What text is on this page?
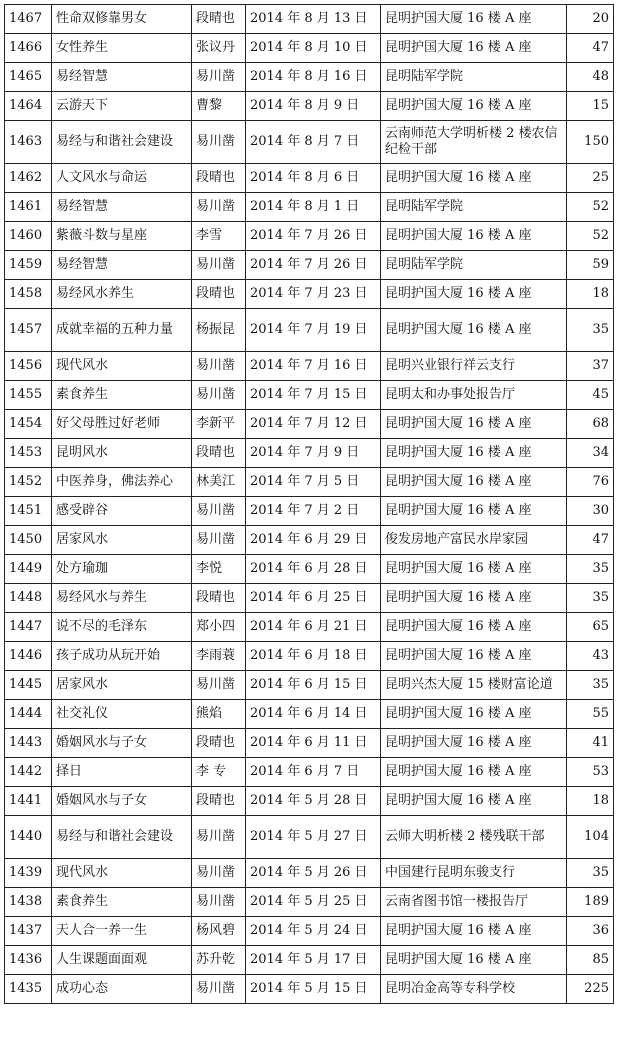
1467	性命双修靠男女	段晴也	2014 年 8 月 13 日	昆明护国大厦 16 楼 A 座	20
1466	女性养生	张议丹	2014 年 8 月 10 日	昆明护国大厦 16 楼 A 座	47
1465	易经智慧	易川凿	2014 年 8 月 16 日	昆明陆军学院	48
1464	云游天下	曹黎	2014 年 8 月 9 日	昆明护国大厦 16 楼 A 座	15
1463	易经与和谐社会建设	易川凿	2014 年 8 月 7 日	云南师范大学明析楼 2 楼农信纪检干部	150
1462	人文风水与命运	段晴也	2014 年 8 月 6 日	昆明护国大厦 16 楼 A 座	25
1461	易经智慧	易川凿	2014 年 8 月 1 日	昆明陆军学院	52
1460	紫薇斗数与星座	李雪	2014 年 7 月 26 日	昆明护国大厦 16 楼 A 座	52
1459	易经智慧	易川凿	2014 年 7 月 26 日	昆明陆军学院	59
1458	易经风水养生	段晴也	2014 年 7 月 23 日	昆明护国大厦 16 楼 A 座	18
1457	成就幸福的五种力量	杨振昆	2014 年 7 月 19 日	昆明护国大厦 16 楼 A 座	35
1456	现代风水	易川凿	2014 年 7 月 16 日	昆明兴业银行祥云支行	37
1455	素食养生	易川凿	2014 年 7 月 15 日	昆明太和办事处报告厅	45
1454	好父母胜过好老师	李新平	2014 年 7 月 12 日	昆明护国大厦 16 楼 A 座	68
1453	昆明风水	段晴也	2014 年 7 月 9 日	昆明护国大厦 16 楼 A 座	34
1452	中医养身，佛法养心	林美江	2014 年 7 月 5 日	昆明护国大厦 16 楼 A 座	76
1451	感受辟谷	易川凿	2014 年 7 月 2 日	昆明护国大厦 16 楼 A 座	30
1450	居家风水	易川凿	2014 年 6 月 29 日	俊发房地产富民水岸家园	47
1449	处方瑜珈	李悦	2014 年 6 月 28 日	昆明护国大厦 16 楼 A 座	35
1448	易经风水与养生	段晴也	2014 年 6 月 25 日	昆明护国大厦 16 楼 A 座	35
1447	说不尽的毛泽东	郑小四	2014 年 6 月 21 日	昆明护国大厦 16 楼 A 座	65
1446	孩子成功从玩开始	李雨蓑	2014 年 6 月 18 日	昆明护国大厦 16 楼 A 座	43
1445	居家风水	易川凿	2014 年 6 月 15 日	昆明兴杰大厦 15 楼财富论道	35
1444	社交礼仪	熊焰	2014 年 6 月 14 日	昆明护国大厦 16 楼 A 座	55
1443	婚姻风水与子女	段晴也	2014 年 6 月 11 日	昆明护国大厦 16 楼 A 座	41
1442	择日	李 专	2014 年 6 月 7 日	昆明护国大厦 16 楼 A 座	53
1441	婚姻风水与子女	段晴也	2014 年 5 月 28 日	昆明护国大厦 16 楼 A 座	18
1440	易经与和谐社会建设	易川凿	2014 年 5 月 27 日	云师大明析楼 2 楼残联干部	104
1439	现代风水	易川凿	2014 年 5 月 26 日	中国建行昆明东骏支行	35
1438	素食养生	易川凿	2014 年 5 月 25 日	云南省图书馆一楼报告厅	189
1437	天人合一养一生	杨风碧	2014 年 5 月 24 日	昆明护国大厦 16 楼 A 座	36
1436	人生课题面面观	苏升乾	2014 年 5 月 17 日	昆明护国大厦 16 楼 A 座	85
1435	成功心态	易川凿	2014 年 5 月 15 日	昆明冶金高等专科学校	225
